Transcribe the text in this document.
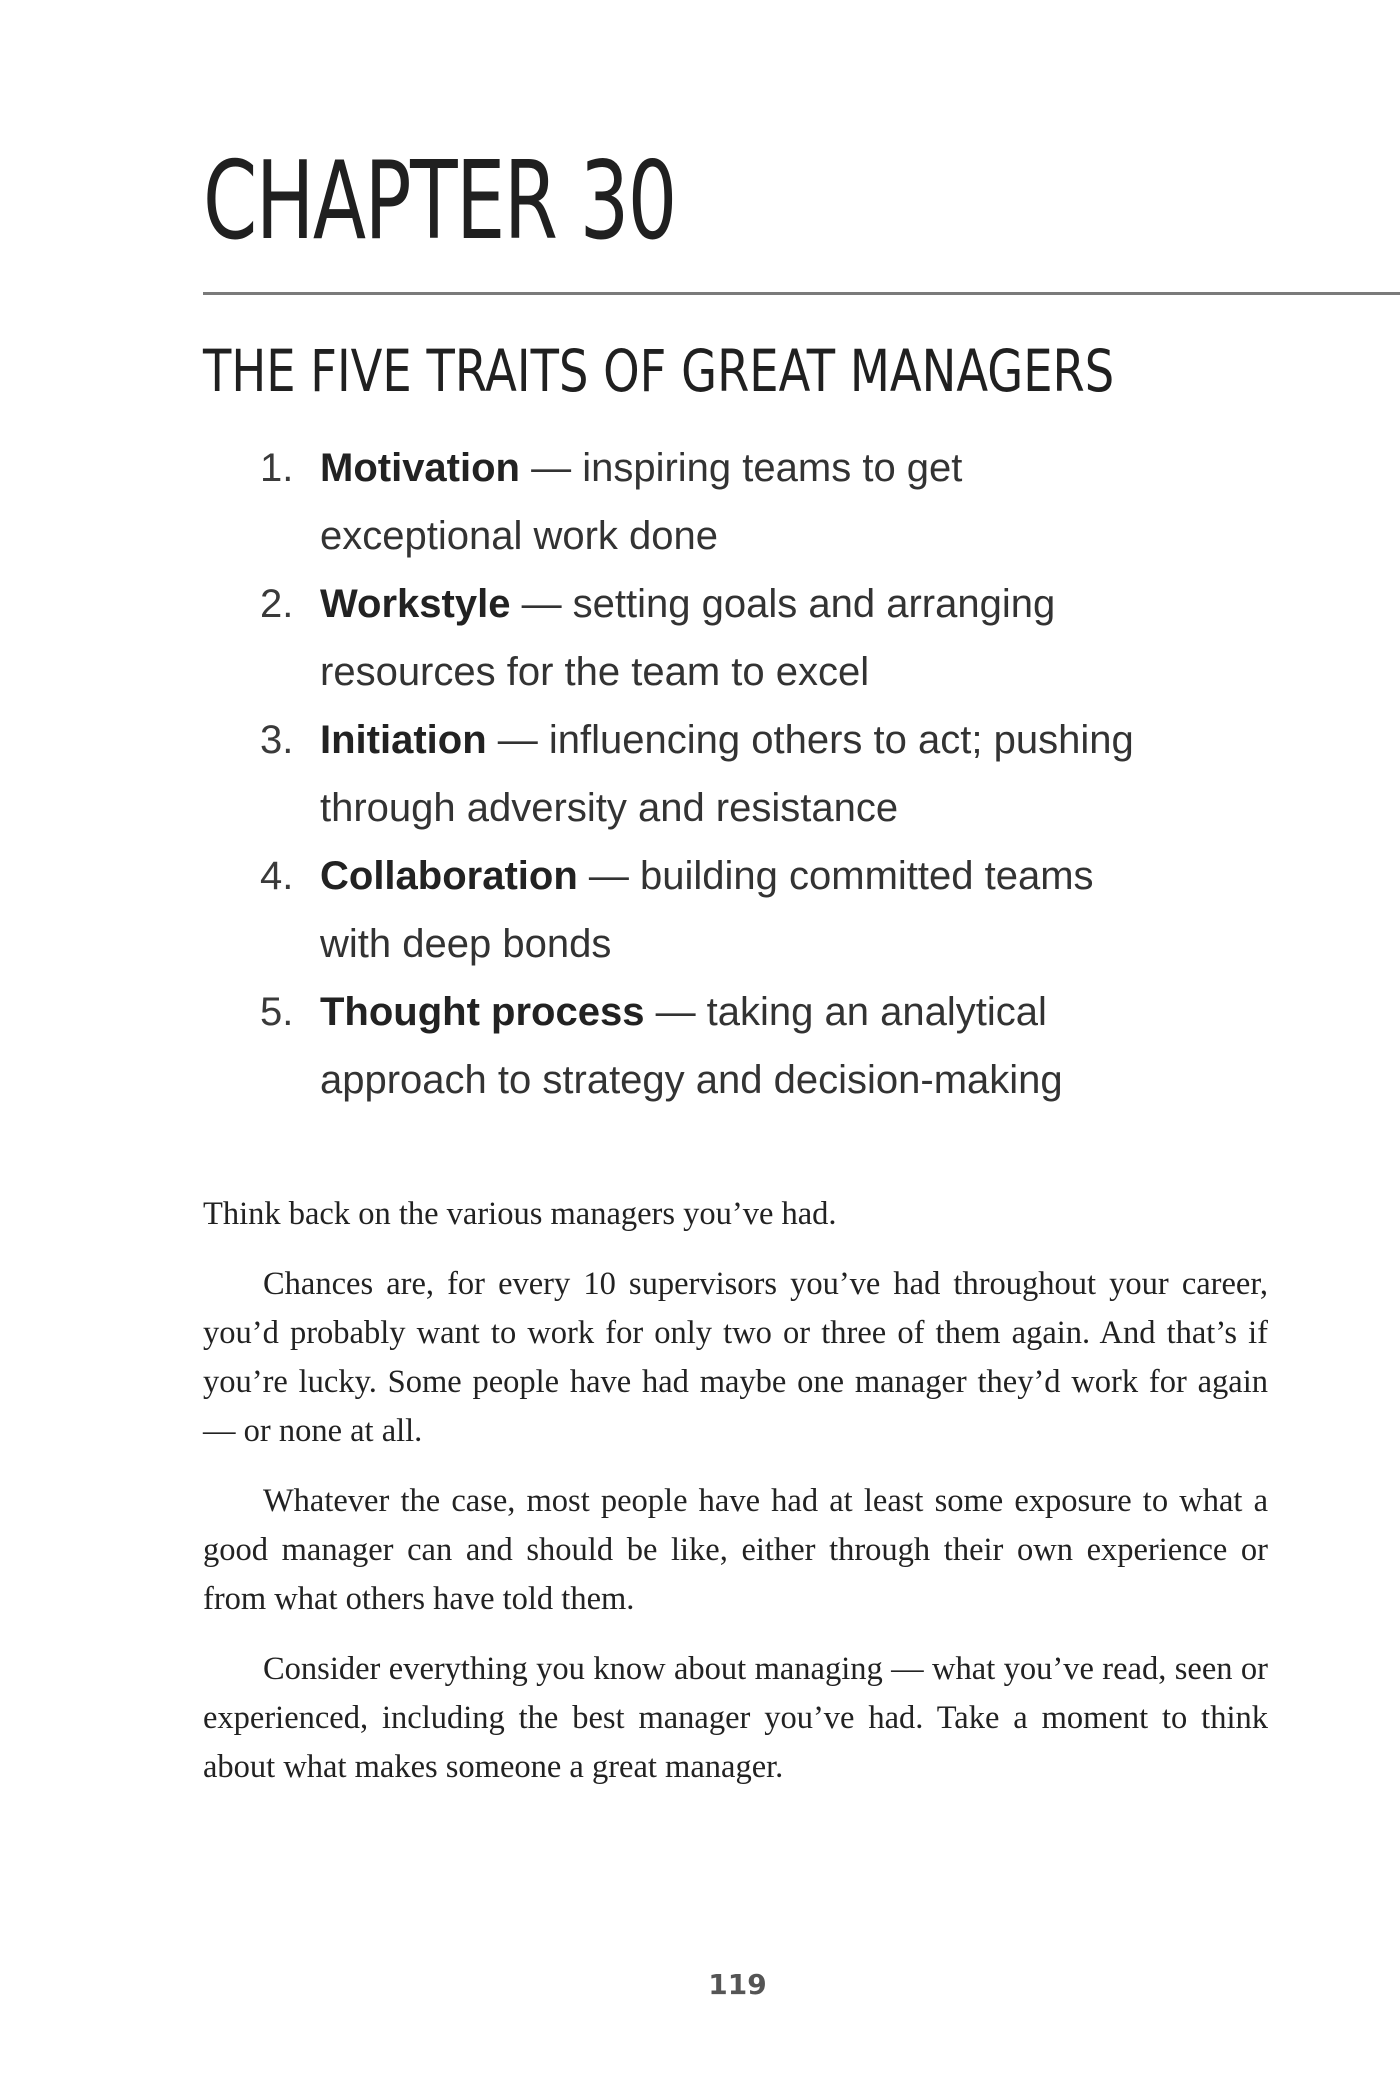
CHAPTER 30
THE FIVE TRAITS OF GREAT MANAGERS
1. Motivation — inspiring teams to get exceptional work done
2. Workstyle — setting goals and arranging resources for the team to excel
3. Initiation — influencing others to act; pushing through adversity and resistance
4. Collaboration — building committed teams with deep bonds
5. Thought process — taking an analytical approach to strategy and decision-making

Think back on the various managers you’ve had.

Chances are, for every 10 supervisors you’ve had throughout your career, you’d probably want to work for only two or three of them again. And that’s if you’re lucky. Some people have had maybe one manager they’d work for again — or none at all.

Whatever the case, most people have had at least some exposure to what a good manager can and should be like, either through their own experience or from what others have told them.

Consider everything you know about managing — what you’ve read, seen or experienced, including the best manager you’ve had. Take a moment to think about what makes someone a great manager.

119
